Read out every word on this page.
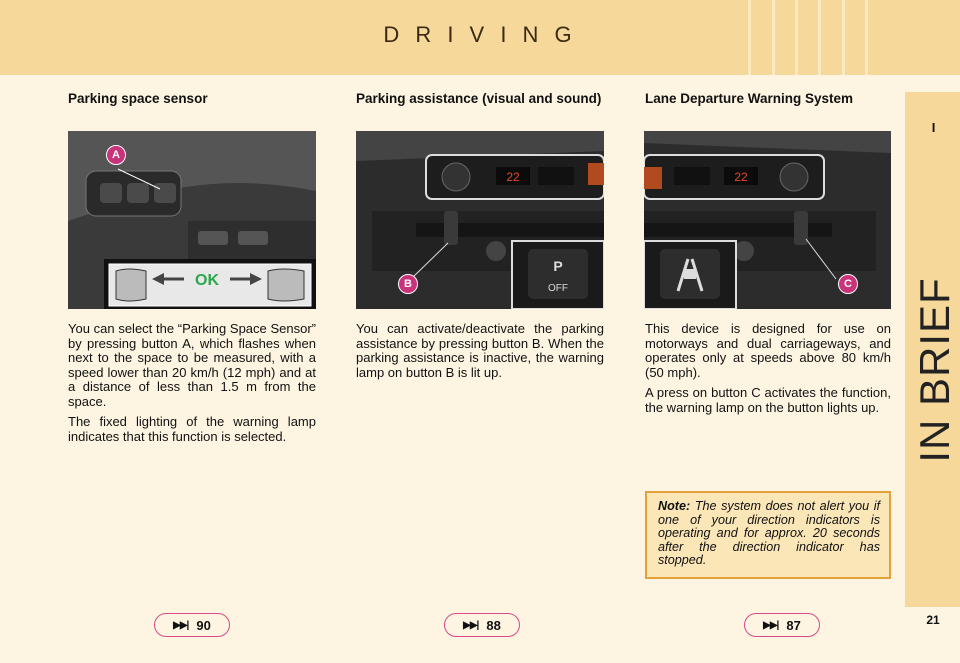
D R I V I N G
I
IN BRIEF
21
Parking space sensor
OK
A

You can select the “Parking Space Sensor” by pressing button A, which flashes when next to the space to be measured, with a speed lower than 20 km/h (12 mph) and at a distance of less than 1.5 m from the space.

The fixed lighting of the warning lamp indicates that this function is selected.

▶▶| 90
Parking assistance (visual and sound)
22
P
OFF
B

You can activate/deactivate the parking assistance by pressing button B. When the parking assistance is inactive, the warning lamp on button B is lit up.

▶▶| 88
Lane Departure Warning System
22
C

This device is designed for use on motorways and dual carriageways, and operates only at speeds above 80 km/h (50 mph).

A press on button C activates the function, the warning lamp on the button lights up.

Note: The system does not alert you if one of your direction indicators is operating and for approx. 20 seconds after the direction indicator has stopped.
▶▶| 87
